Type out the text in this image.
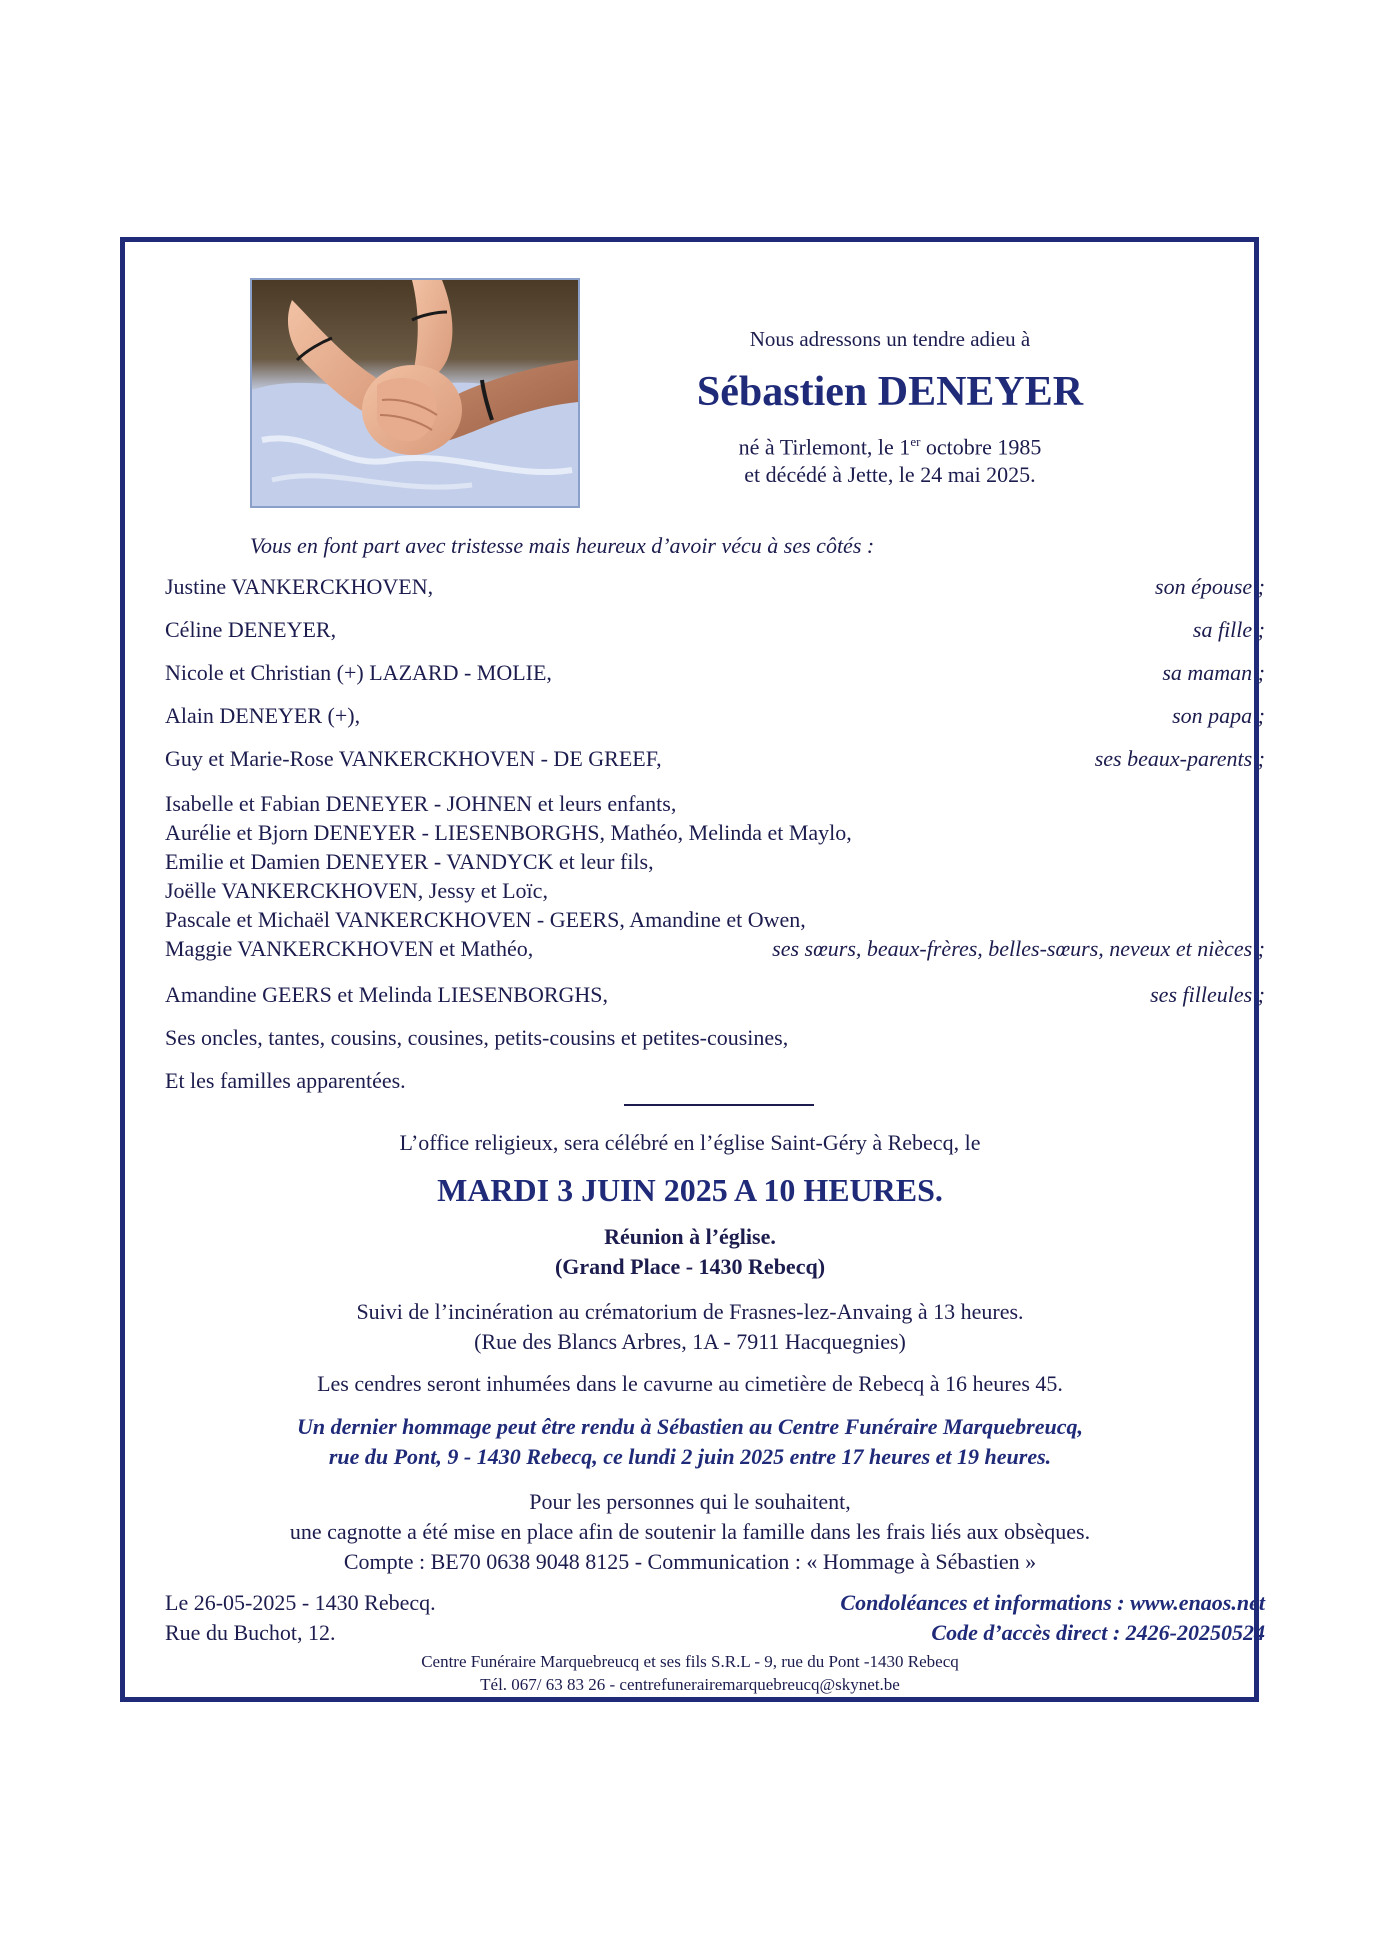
Nous adressons un tendre adieu à
Sébastien DENEYER
né à Tirlemont, le 1er octobre 1985
et décédé à Jette, le 24 mai 2025.
Vous en font part avec tristesse mais heureux d’avoir vécu à ses côtés :
Justine VANKERCKHOVEN,	son épouse ;
Céline DENEYER,	sa fille ;
Nicole et Christian (+) LAZARD - MOLIE,	sa maman ;
Alain DENEYER (+),	son papa ;
Guy et Marie-Rose VANKERCKHOVEN - DE GREEF,	ses beaux-parents ;
Isabelle et Fabian DENEYER - JOHNEN et leurs enfants,
Aurélie et Bjorn DENEYER - LIESENBORGHS, Mathéo, Melinda et Maylo,
Emilie et Damien DENEYER - VANDYCK et leur fils,
Joëlle VANKERCKHOVEN, Jessy et Loïc,
Pascale et Michaël VANKERCKHOVEN - GEERS, Amandine et Owen,
Maggie VANKERCKHOVEN et Mathéo,	ses sœurs, beaux-frères, belles-sœurs, neveux et nièces ;
Amandine GEERS et Melinda LIESENBORGHS,	ses filleules ;
Ses oncles, tantes, cousins, cousines, petits-cousins et petites-cousines,
Et les familles apparentées.
L’office religieux, sera célébré en l’église Saint-Géry à Rebecq, le
MARDI 3 JUIN 2025 A 10 HEURES.
Réunion à l’église.
(Grand Place - 1430 Rebecq)
Suivi de l’incinération au crématorium de Frasnes-lez-Anvaing à 13 heures.
(Rue des Blancs Arbres, 1A - 7911 Hacquegnies)
Les cendres seront inhumées dans le cavurne au cimetière de Rebecq à 16 heures 45.
Un dernier hommage peut être rendu à Sébastien au Centre Funéraire Marquebreucq,
rue du Pont, 9 - 1430 Rebecq, ce lundi 2 juin 2025 entre 17 heures et 19 heures.
Pour les personnes qui le souhaitent,
une cagnotte a été mise en place afin de soutenir la famille dans les frais liés aux obsèques.
Compte : BE70 0638 9048 8125 - Communication : « Hommage à Sébastien »
Le 26-05-2025 - 1430 Rebecq.
Rue du Buchot, 12.
Condoléances et informations : www.enaos.net
Code d’accès direct : 2426-20250524
Centre Funéraire Marquebreucq et ses fils S.R.L - 9, rue du Pont -1430 Rebecq
Tél. 067/ 63 83 26 - centrefunerairemarquebreucq@skynet.be
